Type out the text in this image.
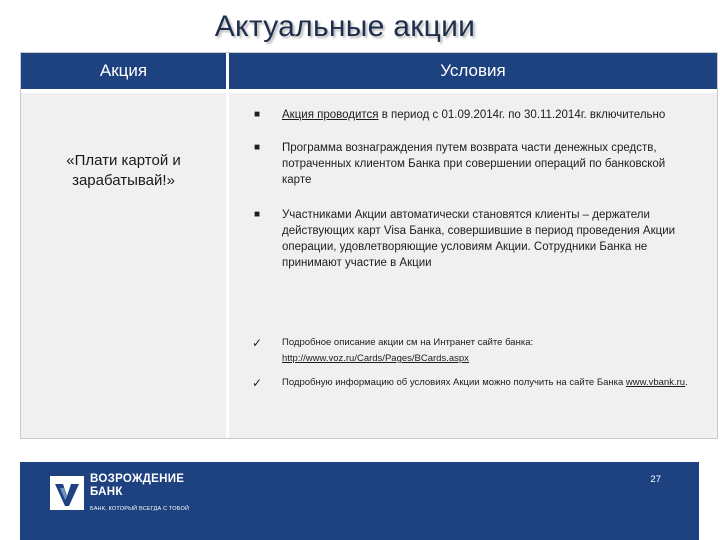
Актуальные акции
Акция	Условия
«Плати картой и
зарабатывай!»
■ Акция проводится в период с 01.09.2014г. по 30.11.2014г. включительно
■ Программа вознаграждения путем возврата части денежных средств,
потраченных клиентом Банка при совершении операций по банковской
карте
■ Участниками Акции автоматически становятся клиенты – держатели
действующих карт Visa Банка, совершившие в период проведения Акции
операции, удовлетворяющие условиям Акции. Сотрудники Банка не
принимают участие в Акции
✓ Подробное описание акции см на Интранет сайте банка:
http://www.voz.ru/Cards/Pages/BCards.aspx
✓ Подробную информацию об условиях Акции можно получить на сайте Банка www.vbank.ru.
ВОЗРОЖДЕНИЕ
БАНК
БАНК, КОТОРЫЙ ВСЕГДА С ТОБОЙ
27
